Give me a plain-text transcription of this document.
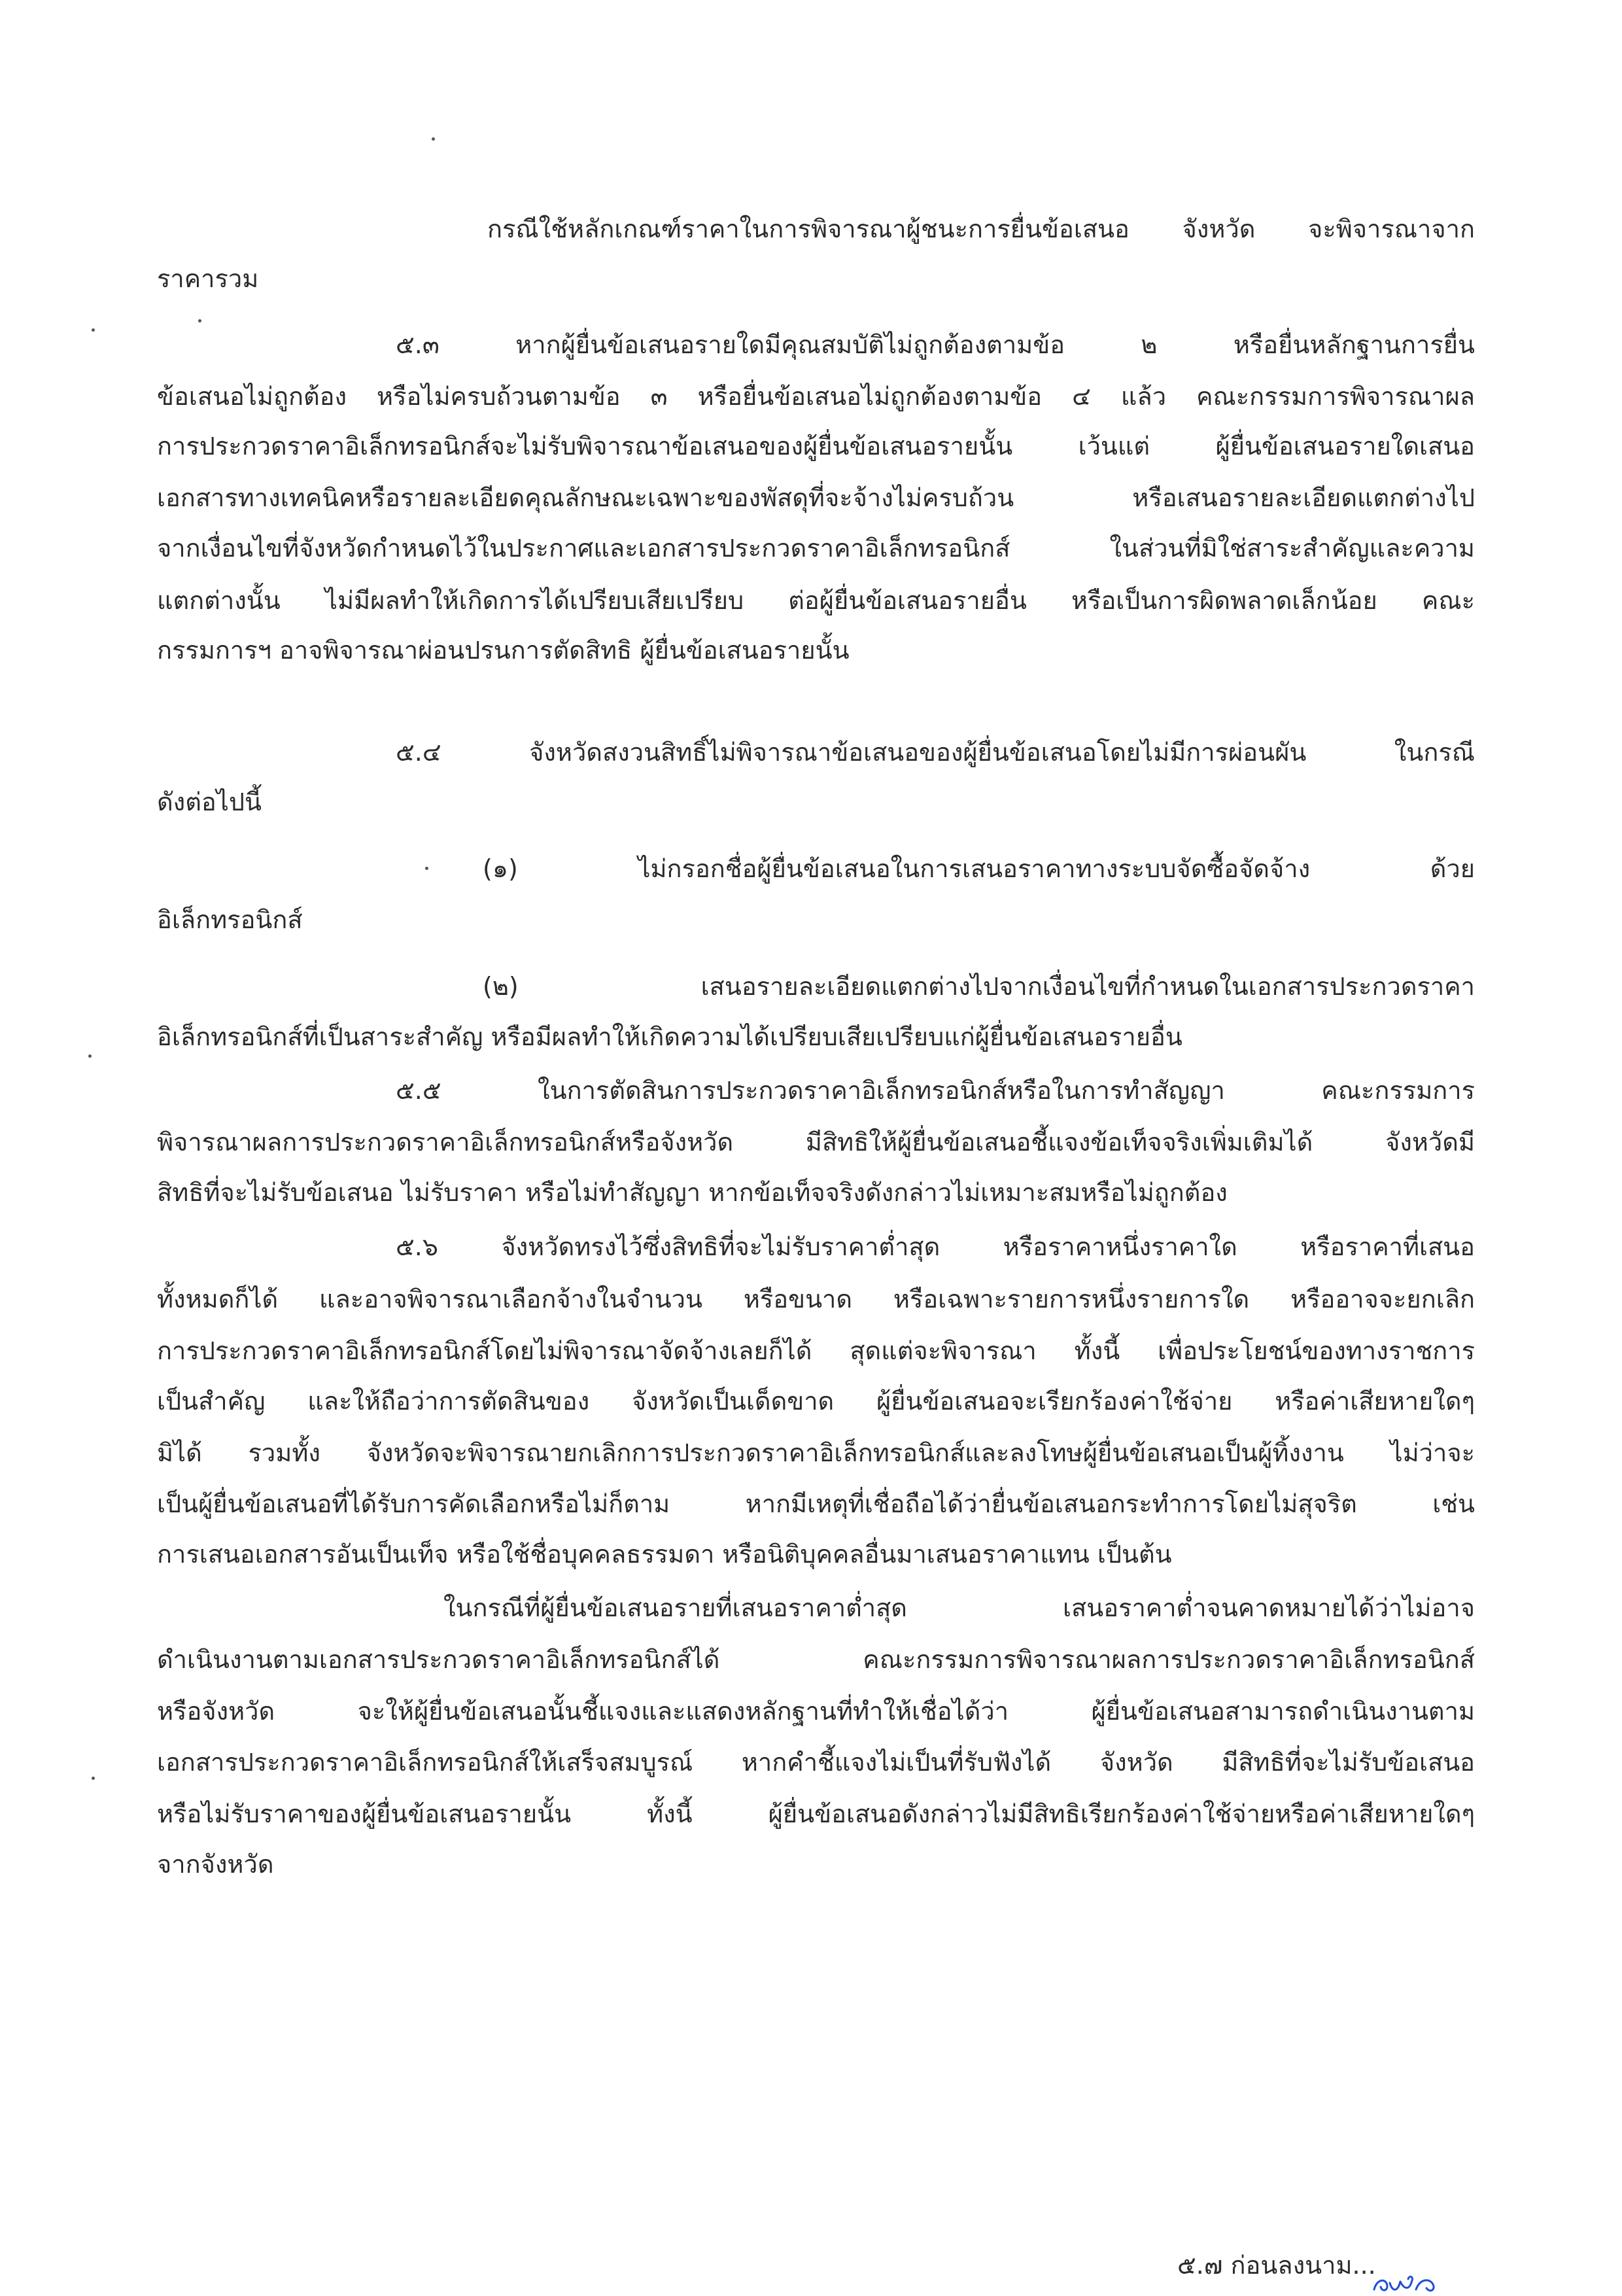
กรณีใช้หลักเกณฑ์ราคาในการพิจารณาผู้ชนะการยื่นข้อเสนอ จังหวัด จะพิจารณาจาก

ราคารวม

๕.๓	หากผู้ยื่นข้อเสนอรายใดมีคุณสมบัติไม่ถูกต้องตามข้อ ๒ หรือยื่นหลักฐานการยื่น

ข้อเสนอไม่ถูกต้อง หรือไม่ครบถ้วนตามข้อ ๓ หรือยื่นข้อเสนอไม่ถูกต้องตามข้อ ๔ แล้ว คณะกรรมการพิจารณาผล

การประกวดราคาอิเล็กทรอนิกส์จะไม่รับพิจารณาข้อเสนอของผู้ยื่นข้อเสนอรายนั้น เว้นแต่ ผู้ยื่นข้อเสนอรายใดเสนอ

เอกสารทางเทคนิคหรือรายละเอียดคุณลักษณะเฉพาะของพัสดุที่จะจ้างไม่ครบถ้วน หรือเสนอรายละเอียดแตกต่างไป

จากเงื่อนไขที่จังหวัดกำหนดไว้ในประกาศและเอกสารประกวดราคาอิเล็กทรอนิกส์ ในส่วนที่มิใช่สาระสำคัญและความ

แตกต่างนั้น ไม่มีผลทำให้เกิดการได้เปรียบเสียเปรียบ ต่อผู้ยื่นข้อเสนอรายอื่น หรือเป็นการผิดพลาดเล็กน้อย คณะ

กรรมการฯ อาจพิจารณาผ่อนปรนการตัดสิทธิ ผู้ยื่นข้อเสนอรายนั้น

๕.๔	จังหวัดสงวนสิทธิ์ไม่พิจารณาข้อเสนอของผู้ยื่นข้อเสนอโดยไม่มีการผ่อนผัน ในกรณี

ดังต่อไปนี้

(๑)	ไม่กรอกชื่อผู้ยื่นข้อเสนอในการเสนอราคาทางระบบจัดซื้อจัดจ้าง ด้วย

อิเล็กทรอนิกส์

(๒)	เสนอรายละเอียดแตกต่างไปจากเงื่อนไขที่กำหนดในเอกสารประกวดราคา

อิเล็กทรอนิกส์ที่เป็นสาระสำคัญ หรือมีผลทำให้เกิดความได้เปรียบเสียเปรียบแก่ผู้ยื่นข้อเสนอรายอื่น

๕.๕	ในการตัดสินการประกวดราคาอิเล็กทรอนิกส์หรือในการทำสัญญา คณะกรรมการ

พิจารณาผลการประกวดราคาอิเล็กทรอนิกส์หรือจังหวัด มีสิทธิให้ผู้ยื่นข้อเสนอชี้แจงข้อเท็จจริงเพิ่มเติมได้ จังหวัดมี

สิทธิที่จะไม่รับข้อเสนอ ไม่รับราคา หรือไม่ทำสัญญา หากข้อเท็จจริงดังกล่าวไม่เหมาะสมหรือไม่ถูกต้อง

๕.๖	จังหวัดทรงไว้ซึ่งสิทธิที่จะไม่รับราคาต่ำสุด หรือราคาหนึ่งราคาใด หรือราคาที่เสนอ

ทั้งหมดก็ได้ และอาจพิจารณาเลือกจ้างในจำนวน หรือขนาด หรือเฉพาะรายการหนึ่งรายการใด หรืออาจจะยกเลิก

การประกวดราคาอิเล็กทรอนิกส์โดยไม่พิจารณาจัดจ้างเลยก็ได้ สุดแต่จะพิจารณา ทั้งนี้ เพื่อประโยชน์ของทางราชการ

เป็นสำคัญ และให้ถือว่าการตัดสินของ จังหวัดเป็นเด็ดขาด ผู้ยื่นข้อเสนอจะเรียกร้องค่าใช้จ่าย หรือค่าเสียหายใดๆ

มิได้ รวมทั้ง จังหวัดจะพิจารณายกเลิกการประกวดราคาอิเล็กทรอนิกส์และลงโทษผู้ยื่นข้อเสนอเป็นผู้ทิ้งงาน ไม่ว่าจะ

เป็นผู้ยื่นข้อเสนอที่ได้รับการคัดเลือกหรือไม่ก็ตาม หากมีเหตุที่เชื่อถือได้ว่ายื่นข้อเสนอกระทำการโดยไม่สุจริต เช่น

การเสนอเอกสารอันเป็นเท็จ หรือใช้ชื่อบุคคลธรรมดา หรือนิติบุคคลอื่นมาเสนอราคาแทน เป็นต้น

ในกรณีที่ผู้ยื่นข้อเสนอรายที่เสนอราคาต่ำสุด เสนอราคาต่ำจนคาดหมายได้ว่าไม่อาจ

ดำเนินงานตามเอกสารประกวดราคาอิเล็กทรอนิกส์ได้ คณะกรรมการพิจารณาผลการประกวดราคาอิเล็กทรอนิกส์

หรือจังหวัด จะให้ผู้ยื่นข้อเสนอนั้นชี้แจงและแสดงหลักฐานที่ทำให้เชื่อได้ว่า ผู้ยื่นข้อเสนอสามารถดำเนินงานตาม

เอกสารประกวดราคาอิเล็กทรอนิกส์ให้เสร็จสมบูรณ์ หากคำชี้แจงไม่เป็นที่รับฟังได้ จังหวัด มีสิทธิที่จะไม่รับข้อเสนอ

หรือไม่รับราคาของผู้ยื่นข้อเสนอรายนั้น ทั้งนี้ ผู้ยื่นข้อเสนอดังกล่าวไม่มีสิทธิเรียกร้องค่าใช้จ่ายหรือค่าเสียหายใดๆ

จากจังหวัด

๕.๗ ก่อนลงนาม...
